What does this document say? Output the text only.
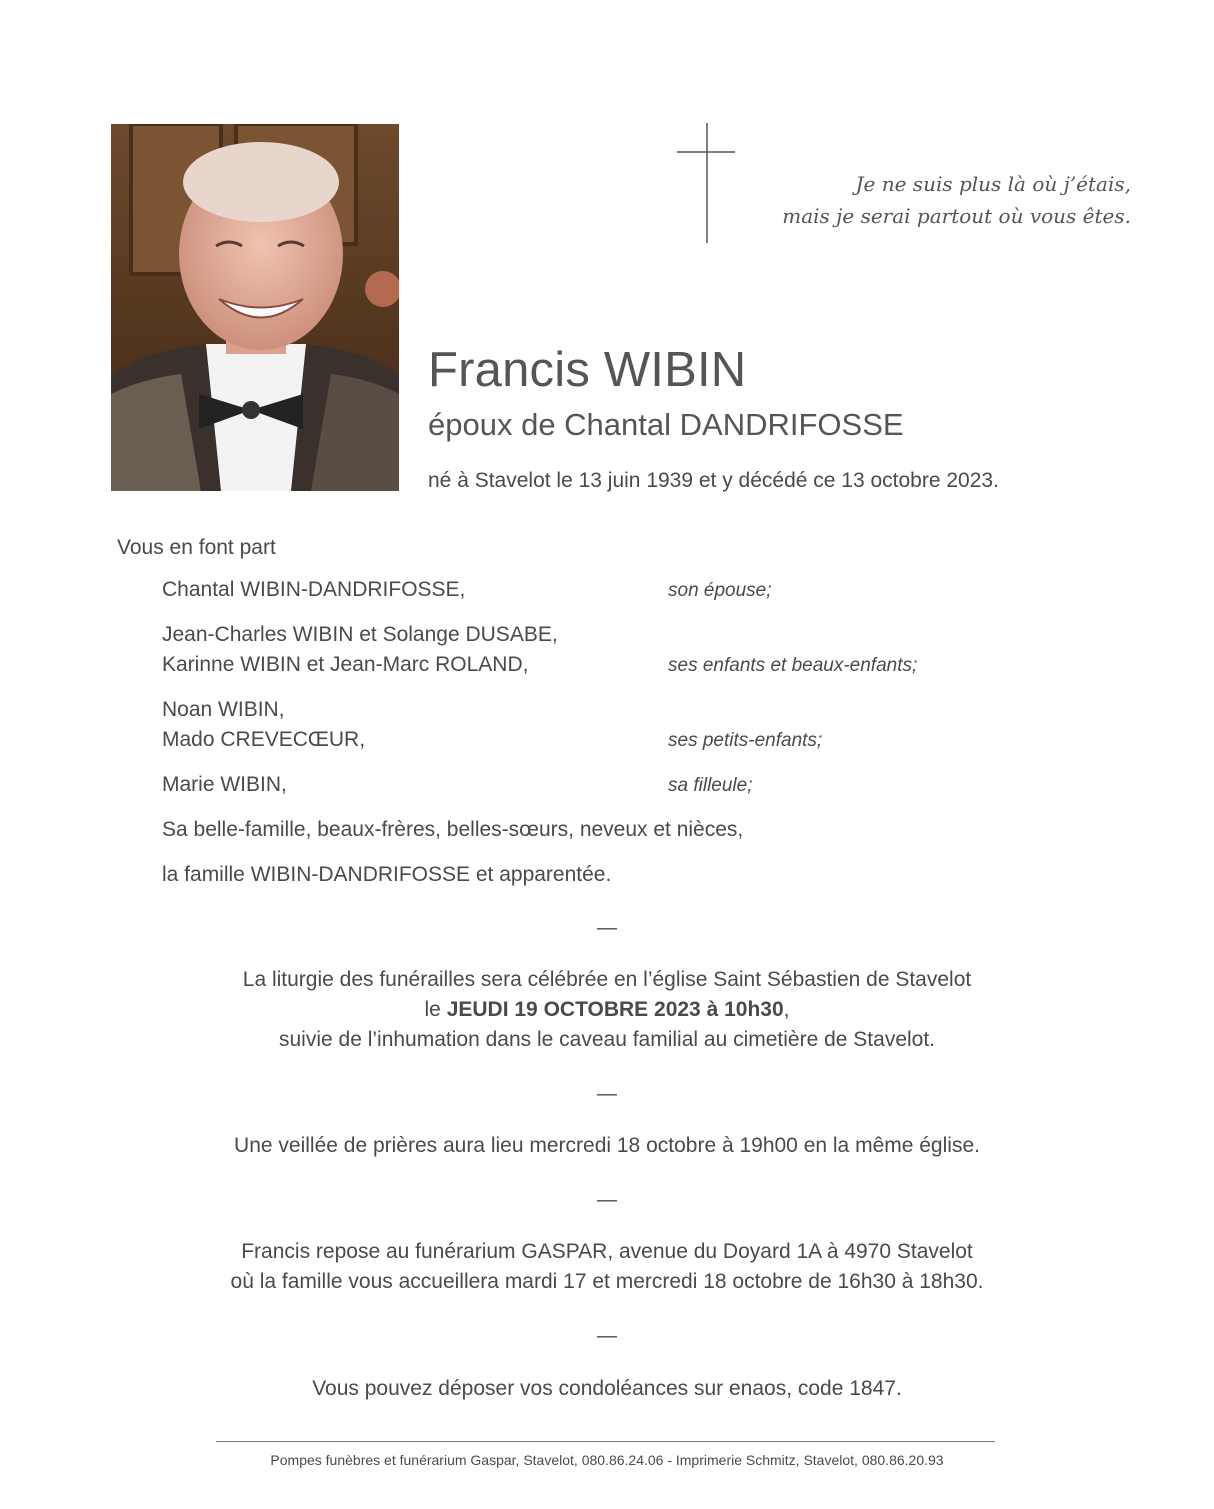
Je ne suis plus là où j’étais,
mais je serai partout où vous êtes.
Francis WIBIN
époux de Chantal DANDRIFOSSE
né à Stavelot le 13 juin 1939 et y décédé ce 13 octobre 2023.
Vous en font part
Chantal WIBIN-DANDRIFOSSE,	son épouse;
Jean-Charles WIBIN et Solange DUSABE,
Karinne WIBIN et Jean-Marc ROLAND,	ses enfants et beaux-enfants;
Noan WIBIN,
Mado CREVECŒUR,	ses petits-enfants;
Marie WIBIN,	sa filleule;
Sa belle-famille, beaux-frères, belles-sœurs, neveux et nièces,
la famille WIBIN-DANDRIFOSSE et apparentée.
—
La liturgie des funérailles sera célébrée en l’église Saint Sébastien de Stavelot
le JEUDI 19 OCTOBRE 2023 à 10h30,
suivie de l’inhumation dans le caveau familial au cimetière de Stavelot.
—
Une veillée de prières aura lieu mercredi 18 octobre à 19h00 en la même église.
—
Francis repose au funérarium GASPAR, avenue du Doyard 1A à 4970 Stavelot
où la famille vous accueillera mardi 17 et mercredi 18 octobre de 16h30 à 18h30.
—
Vous pouvez déposer vos condoléances sur enaos, code 1847.
Pompes funèbres et funérarium Gaspar, Stavelot, 080.86.24.06 - Imprimerie Schmitz, Stavelot, 080.86.20.93
